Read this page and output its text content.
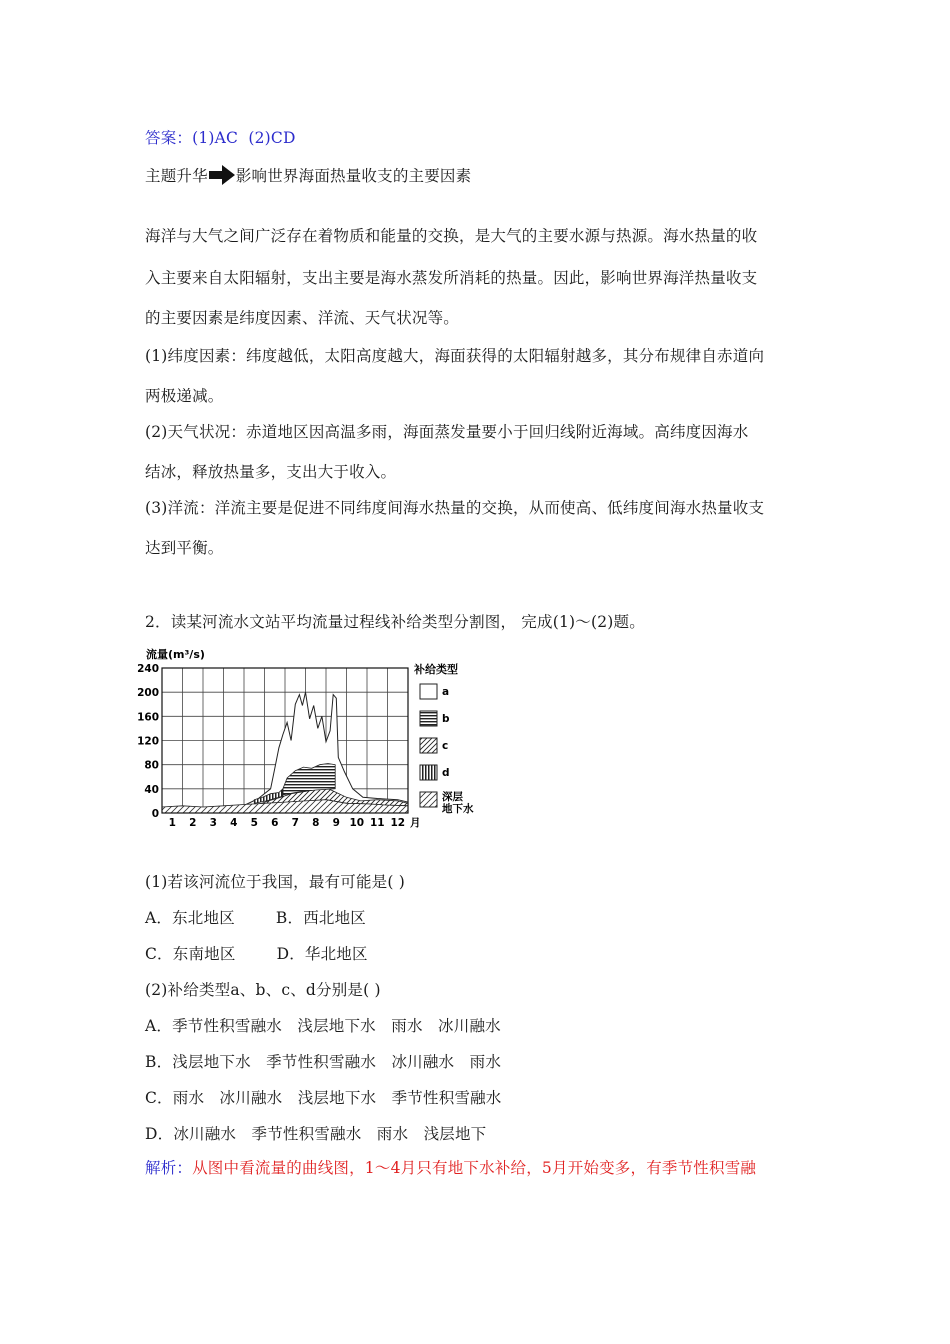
答案：(1)AC  (2)CD
主题升华 影响世界海面热量收支的主要因素
海洋与大气之间广泛存在着物质和能量的交换，是大气的主要水源与热源。海水热量的收
入主要来自太阳辐射，支出主要是海水蒸发所消耗的热量。因此，影响世界海洋热量收支
的主要因素是纬度因素、洋流、天气状况等。
(1)纬度因素：纬度越低，太阳高度越大，海面获得的太阳辐射越多，其分布规律自赤道向
两极递减。
(2)天气状况：赤道地区因高温多雨，海面蒸发量要小于回归线附近海域。高纬度因海水
结冰，释放热量多，支出大于收入。
(3)洋流：洋流主要是促进不同纬度间海水热量的交换，从而使高、低纬度间海水热量收支
达到平衡。
2．读某河流水文站平均流量过程线补给类型分割图， 完成(1)～(2)题。
流量(m³/s)
240
200
160
120
80
40
0
1 2 3 4 5 6 7 8 9 10 11 12 月
补给类型
a
b
c
d
深层地下水
(1)若该河流位于我国，最有可能是( )
A．东北地区        B．西北地区
C．东南地区        D．华北地区
(2)补给类型a、b、c、d分别是( )
A．季节性积雪融水   浅层地下水   雨水   冰川融水
B．浅层地下水   季节性积雪融水   冰川融水   雨水
C．雨水   冰川融水   浅层地下水   季节性积雪融水
D．冰川融水   季节性积雪融水   雨水   浅层地下
解析：从图中看流量的曲线图，1～4月只有地下水补给，5月开始变多，有季节性积雪融
